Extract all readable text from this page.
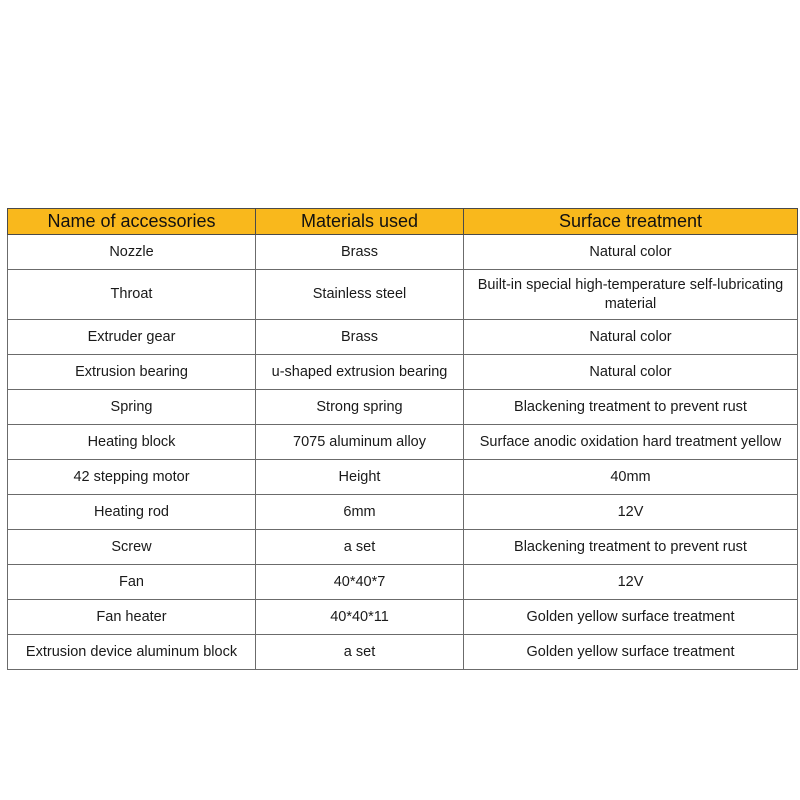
Name of accessories	Materials used	Surface treatment
Nozzle	Brass	Natural color
Throat	Stainless steel	Built-in special high-temperature self-lubricating material
Extruder gear	Brass	Natural color
Extrusion bearing	u-shaped extrusion bearing	Natural color
Spring	Strong spring	Blackening treatment to prevent rust
Heating block	7075 aluminum alloy	Surface anodic oxidation hard treatment yellow
42 stepping motor	Height	40mm
Heating rod	6mm	12V
Screw	a set	Blackening treatment to prevent rust
Fan	40*40*7	12V
Fan heater	40*40*11	Golden yellow surface treatment
Extrusion device aluminum block	a set	Golden yellow surface treatment
